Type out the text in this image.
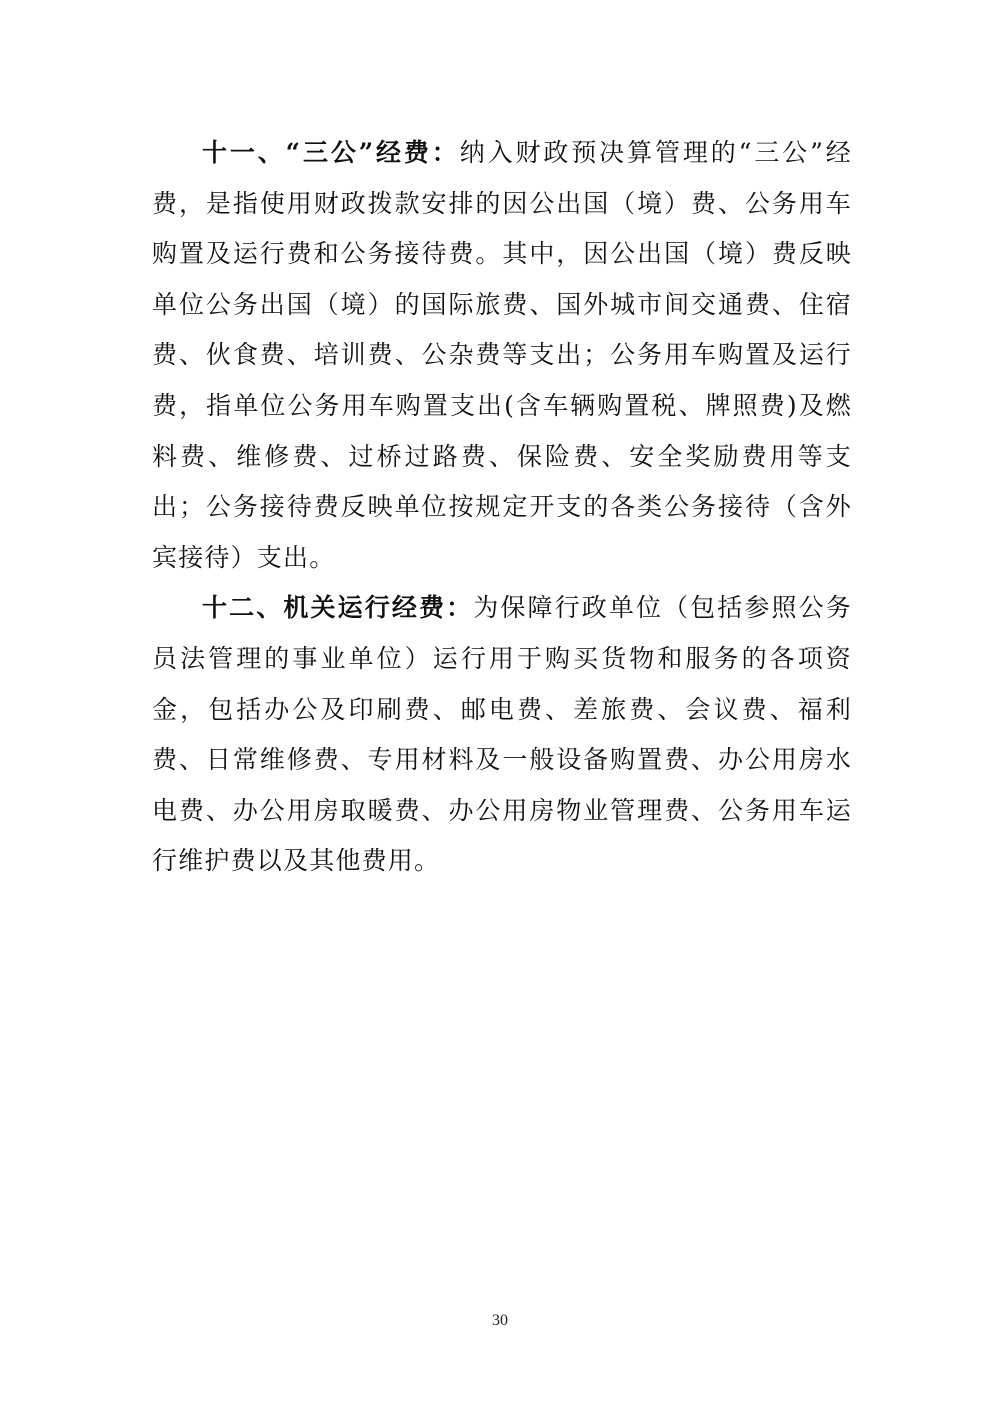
十一、“三公”经费：纳入财政预决算管理的“三公”经费，是指使用财政拨款安排的因公出国（境）费、公务用车购置及运行费和公务接待费。其中，因公出国（境）费反映单位公务出国（境）的国际旅费、国外城市间交通费、住宿费、伙食费、培训费、公杂费等支出；公务用车购置及运行费，指单位公务用车购置支出(含车辆购置税、牌照费)及燃料费、维修费、过桥过路费、保险费、安全奖励费用等支出；公务接待费反映单位按规定开支的各类公务接待（含外宾接待）支出。

十二、机关运行经费：为保障行政单位（包括参照公务员法管理的事业单位）运行用于购买货物和服务的各项资金，包括办公及印刷费、邮电费、差旅费、会议费、福利费、日常维修费、专用材料及一般设备购置费、办公用房水电费、办公用房取暖费、办公用房物业管理费、公务用车运行维护费以及其他费用。

30
